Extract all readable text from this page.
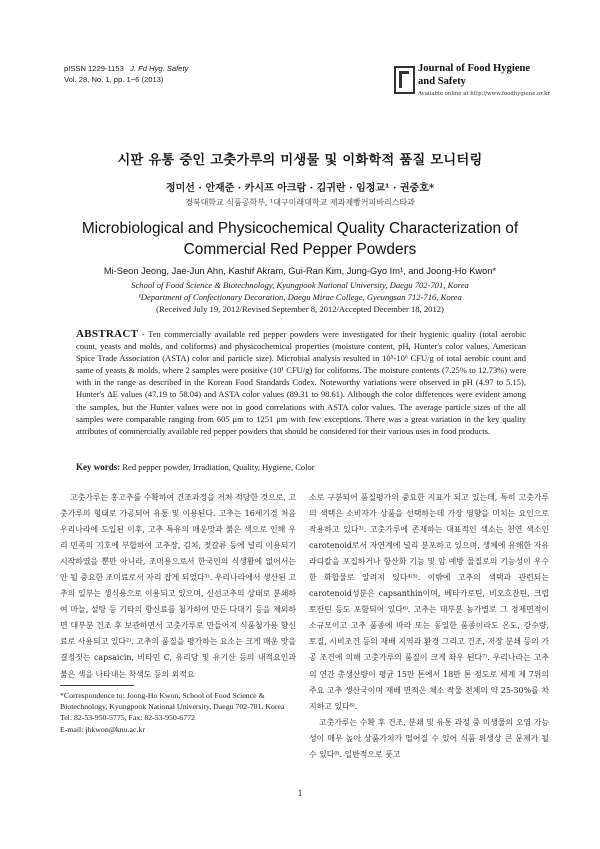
pISSN 1229-1153 J. Fd Hyg. Safety
Vol. 28, No. 1, pp. 1~6 (2013)
Journal of Food Hygiene
and Safety
Available online at http://www.foodhygiene.or.kr
시판 유통 중인 고춧가루의 미생물 및 이화학적 품질 모니터링
정미선 · 안재준 · 카시프 아크람 · 김귀란 · 임정교¹ · 권중호*
경북대학교 식품공학부, ¹대구미래대학교 제과제빵커피바리스타과
Microbiological and Physicochemical Quality Characterization of
Commercial Red Pepper Powders
Mi-Seon Jeong, Jae-Jun Ahn, Kashif Akram, Gui-Ran Kim, Jung-Gyo Im¹, and Joong-Ho Kwon*
School of Food Science & Biotechnology, Kyungpook National University, Daegu 702-701, Korea
¹Department of Confectionary Decoration, Daegu Mirae College, Gyeungsan 712-716, Korea
(Received July 19, 2012/Revised September 8, 2012/Accepted December 18, 2012)
ABSTRACT - Ten commercially available red pepper powders were investigated for their hygienic quality (total aerobic count, yeasts and molds, and coliforms) and physicochemical properties (moisture content, pH, Hunter's color values, American Spice Trade Association (ASTA) color and particle size). Microbial analysis resulted in 10⁵-10⁶ CFU/g of total aerobic count and same of yeasts & molds, where 2 samples were positive (10¹ CFU/g) for coliforms. The moisture contents (7.25% to 12.73%) were with in the range as described in the Korean Food Standards Codex. Noteworthy variations were observed in pH (4.97 to 5.15), Hunter's ΔE values (47.19 to 58.04) and ASTA color values (89.31 to 98.61). Although the color differences were evident among the samples, but the Hunter values were not in good correlations with ASTA color values. The average particle sizes of the all samples were comparable ranging from 605 μm to 1251 μm with few exceptions. There was a great variation in the key quality attributes of commercially available red pepper powders that should be considered for their various uses in food products.
Key words: Red pepper powder, Irradiation, Quality, Hygiene, Color

고춧가루는 홍고추를 수확하여 건조과정을 거쳐 적당한 것으로, 고춧가루의 형태로 가공되어 유통 및 이용된다. 고추는 16세기경 처음 우리나라에 도입된 이후, 고추 특유의 매운맛과 붉은 색으로 인해 우리 민족의 기호에 부합하여 고추장, 김치, 젓갈류 등에 널리 이용되기 시작하였을 뿐만 아니라, 조미용으로서 한국인의 식생활에 없어서는 안 될 중요한 조미료로서 자리 잡게 되었다¹⁾. 우리나라에서 생산된 고추의 일부는 생식용으로 이용되고 있으며, 신선고추의 상태로 분쇄하여 마늘, 설탕 등 기타의 향신료를 첨가하여 만든 다대기 등을 제외하면 대부분 건조 후 보관하면서 고춧가루로 만들어져 식품첨가용 향신료로 사용되고 있다²⁾. 고추의 품질을 평가하는 요소는 크게 매운 맛을 결정짓는 capsaicin, 비타민 C, 유리당 및 유기산 등의 내적요인과 붉은 색을 나타내는 착색도 등의 외적요

소로 구분되어 품질평가의 중요한 지표가 되고 있는데, 특히 고춧가루의 색택은 소비자가 상품을 선택하는데 가장 영향을 미치는 요인으로 작용하고 있다³⁾. 고춧가루에 존재하는 대표적인 색소는 천연 색소인 carotenoid로서 자연계에 널리 분포하고 있으며, 생체에 유해한 자유라디칼을 포집하거나 항산화 기능 및 암 예방 물질로의 기능성이 우수한 화합물로 알려져 있다⁴⁾⁵⁾. 이밖에 고추의 색택과 관련되는 carotenoid성분은 capsanthin이며, 베타카로틴, 비오흐잔틴, 크립토잔틴 등도 포함되어 있다⁶⁾. 고추는 대부분 농가별로 그 경제면적이 소규모이고 고추 품종에 따라 또는 동일한 품종이라도 온도, 강수량, 토질, 시비조건 등의 재배 지역과 환경 그리고 건조, 저장 분쇄 등의 가공 조건에 의해 고춧가루의 품질이 크게 좌우 된다⁷⁾. 우리나라는 고추의 연간 총생산량이 평균 15만 톤에서 18만 톤 정도로 세계 제 7위의 주요 고추 생산국이며 재배 면적은 채소 작물 전체의 약 25-30%를 차지하고 있다⁸⁾.

고춧가루는 수확 후 건조, 분쇄 및 유통 과정 중 미생물의 오염 가능성이 매우 높아 상품가치가 떨어질 수 있어 식품 위생상 큰 문제가 될 수 있다⁹⁾. 일반적으로 풋고

*Correspondence to: Joong-Ho Kwon, School of Food Science & Biotechnology, Kyungpook National University, Daegu 702-701, Korea
Tel: 82-53-950-5775, Fax: 82-53-950-6772
E-mail: jhkwon@knu.ac.kr
1
